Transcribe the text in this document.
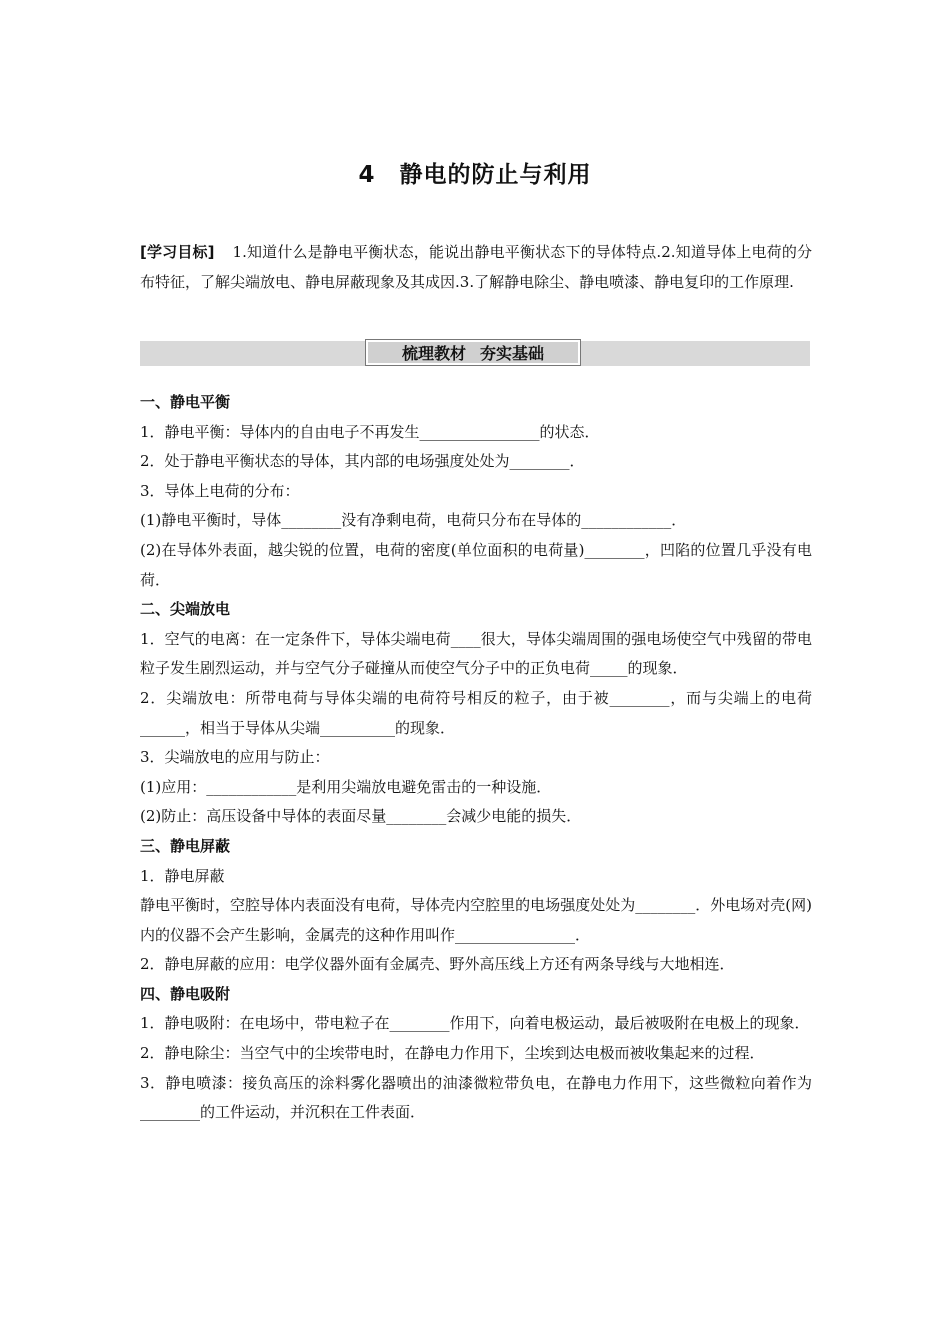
4　静电的防止与利用
[学习目标] 1.知道什么是静电平衡状态，能说出静电平衡状态下的导体特点.2.知道导体上电荷的分布特征，了解尖端放电、静电屏蔽现象及其成因.3.了解静电除尘、静电喷漆、静电复印的工作原理.
梳理教材 夯实基础
一、静电平衡

1．静电平衡：导体内的自由电子不再发生________________的状态．

2．处于静电平衡状态的导体，其内部的电场强度处处为________．

3．导体上电荷的分布：

(1)静电平衡时，导体________没有净剩电荷，电荷只分布在导体的____________．

(2)在导体外表面，越尖锐的位置，电荷的密度(单位面积的电荷量)________，凹陷的位置几乎没有电荷．

二、尖端放电

1．空气的电离：在一定条件下，导体尖端电荷____很大，导体尖端周围的强电场使空气中残留的带电粒子发生剧烈运动，并与空气分子碰撞从而使空气分子中的正负电荷_____的现象．

2．尖端放电：所带电荷与导体尖端的电荷符号相反的粒子，由于被________，而与尖端上的电荷______，相当于导体从尖端__________的现象．

3．尖端放电的应用与防止：

(1)应用：____________是利用尖端放电避免雷击的一种设施．

(2)防止：高压设备中导体的表面尽量________会减少电能的损失．

三、静电屏蔽

1．静电屏蔽

静电平衡时，空腔导体内表面没有电荷，导体壳内空腔里的电场强度处处为________．外电场对壳(网)内的仪器不会产生影响，金属壳的这种作用叫作________________．

2．静电屏蔽的应用：电学仪器外面有金属壳、野外高压线上方还有两条导线与大地相连．

四、静电吸附

1．静电吸附：在电场中，带电粒子在________作用下，向着电极运动，最后被吸附在电极上的现象．

2．静电除尘：当空气中的尘埃带电时，在静电力作用下，尘埃到达电极而被收集起来的过程．

3．静电喷漆：接负高压的涂料雾化器喷出的油漆微粒带负电，在静电力作用下，这些微粒向着作为________的工件运动，并沉积在工件表面．
